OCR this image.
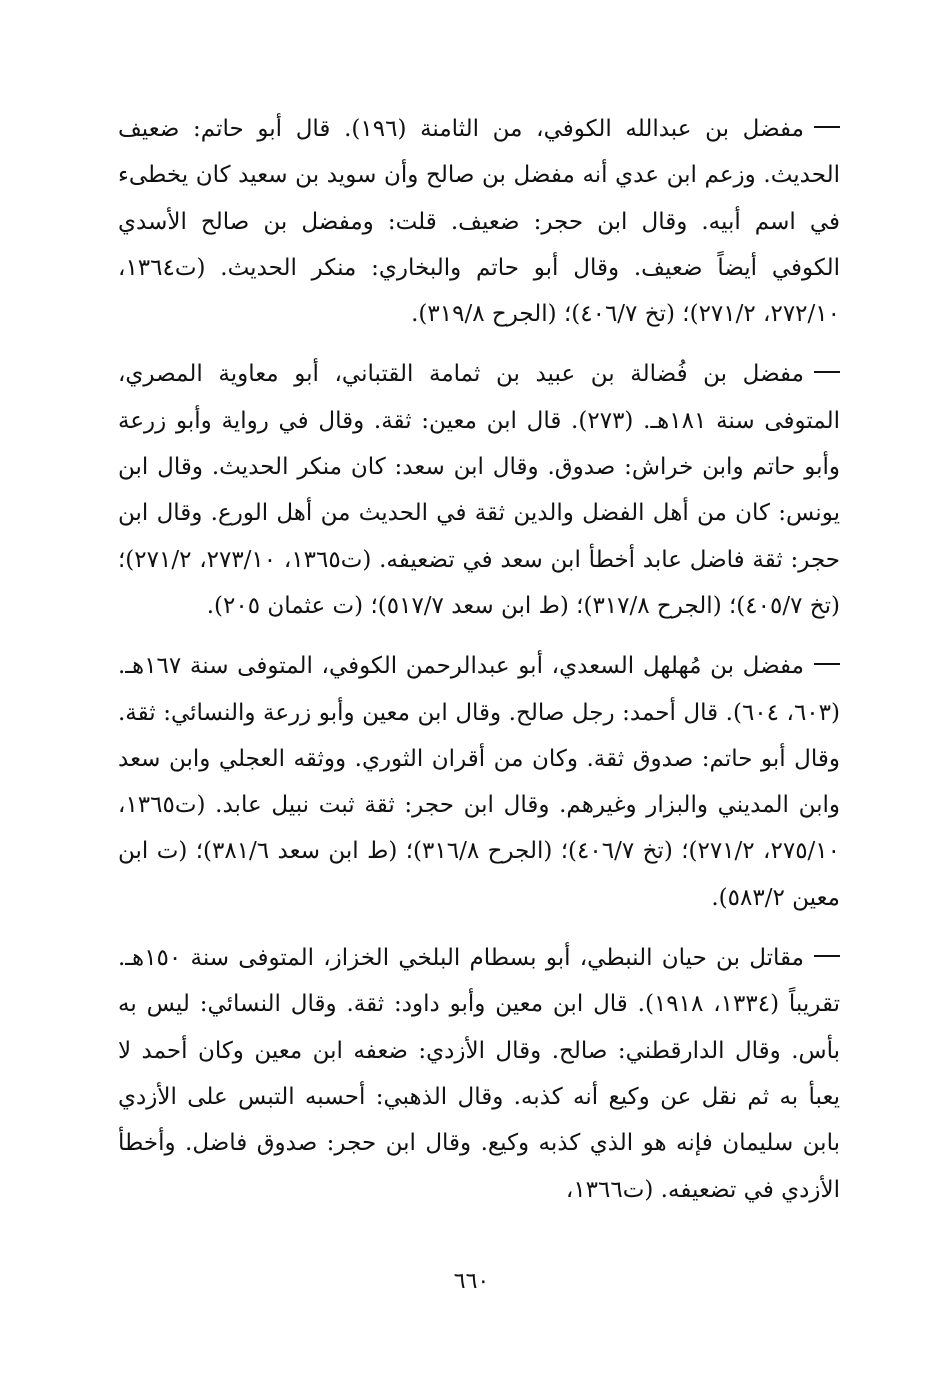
مفضل بن عبدالله الكوفي، من الثامنة (١٩٦). قال أبو حاتم: ضعيف الحديث. وزعم ابن عدي أنه مفضل بن صالح وأن سويد بن سعيد كان يخطىء في اسم أبيه. وقال ابن حجر: ضعيف. قلت: ومفضل بن صالح الأسدي الكوفي أيضاً ضعيف. وقال أبو حاتم والبخاري: منكر الحديث. (ت١٣٦٤، ٢٧٢/١٠، ٢٧١/٢)؛ (تخ ٤٠٦/٧)؛ (الجرح ٣١٩/٨).

مفضل بن فُضالة بن عبيد بن ثمامة القتباني، أبو معاوية المصري، المتوفى سنة ١٨١هـ. (٢٧٣). قال ابن معين: ثقة. وقال في رواية وأبو زرعة وأبو حاتم وابن خراش: صدوق. وقال ابن سعد: كان منكر الحديث. وقال ابن يونس: كان من أهل الفضل والدين ثقة في الحديث من أهل الورع. وقال ابن حجر: ثقة فاضل عابد أخطأ ابن سعد في تضعيفه. (ت١٣٦٥، ٢٧٣/١٠، ٢٧١/٢)؛ (تخ ٤٠٥/٧)؛ (الجرح ٣١٧/٨)؛ (ط ابن سعد ٥١٧/٧)؛ (ت عثمان ٢٠٥).

مفضل بن مُهلهل السعدي، أبو عبدالرحمن الكوفي، المتوفى سنة ١٦٧هـ. (٦٠٣، ٦٠٤). قال أحمد: رجل صالح. وقال ابن معين وأبو زرعة والنسائي: ثقة. وقال أبو حاتم: صدوق ثقة. وكان من أقران الثوري. ووثقه العجلي وابن سعد وابن المديني والبزار وغيرهم. وقال ابن حجر: ثقة ثبت نبيل عابد. (ت١٣٦٥، ٢٧٥/١٠، ٢٧١/٢)؛ (تخ ٤٠٦/٧)؛ (الجرح ٣١٦/٨)؛ (ط ابن سعد ٣٨١/٦)؛ (ت ابن معين ٥٨٣/٢).

مقاتل بن حيان النبطي، أبو بسطام البلخي الخزاز، المتوفى سنة ١٥٠هـ. تقريباً (١٣٣٤، ١٩١٨). قال ابن معين وأبو داود: ثقة. وقال النسائي: ليس به بأس. وقال الدارقطني: صالح. وقال الأزدي: ضعفه ابن معين وكان أحمد لا يعبأ به ثم نقل عن وكيع أنه كذبه. وقال الذهبي: أحسبه التبس على الأزدي بابن سليمان فإنه هو الذي كذبه وكيع. وقال ابن حجر: صدوق فاضل. وأخطأ الأزدي في تضعيفه. (ت١٣٦٦،

٦٦٠
